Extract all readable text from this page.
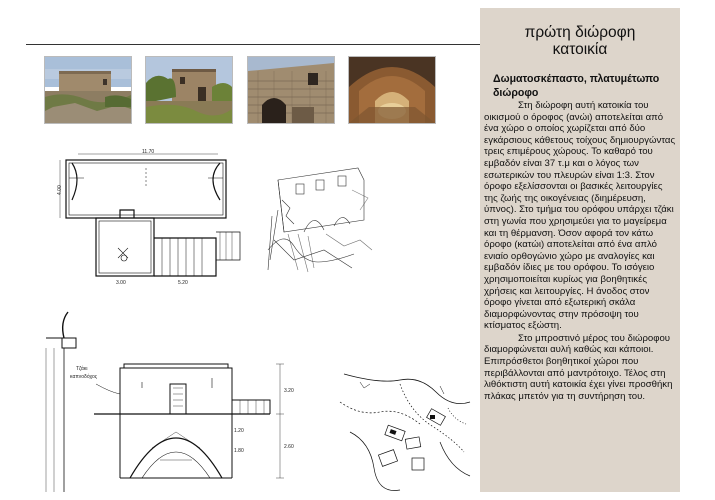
11.70
4.00
3.00	5.20
Τζάκι
καπνοδόχος
3.20
2.60
1.20
1.80
πρώτη διώροφη
κατοικία
Δωματοσκέπαστο, πλατυμέτωπο διώροφο

Στη διώροφη αυτή κατοικία του οικισμού ο όροφος (ανώι) αποτελείται από ένα χώρο ο οποίος χωρίζεται από δύο εγκάρσιους κάθετους τοίχους δημιουργώντας τρεις επιμέρους χώρους. Το καθαρό του εμβαδόν είναι 37 τ.μ και ο λόγος των εσωτερικών του πλευρών είναι 1:3. Στον όροφο εξελίσσονται οι βασικές λειτουργίες της ζωής της οικογένειας (διημέρευση, ύπνος). Στο τμήμα του ορόφου υπάρχει τζάκι στη γωνία που χρησιμεύει για το μαγείρεμα και τη θέρμανση. Όσον αφορά τον κάτω όροφο (κατώι) αποτελείται από ένα απλό ενιαίο ορθογώνιο χώρο με αναλογίες και εμβαδόν ίδιες με του ορόφου. Το ισόγειο χρησιμοποιείται κυρίως για βοηθητικές χρήσεις και λειτουργίες. Η άνοδος στον όροφο γίνεται από εξωτερική σκάλα διαμορφώνοντας στην πρόσοψη του κτίσματος εξώστη.

Στο μπροστινό μέρος του διώροφου διαμορφώνεται αυλή καθώς και κάποιοι. Επιπρόσθετοι βοηθητικοί χώροι που περιβάλλονται από μαντρότοιχο. Τέλος στη λιθόκτιστη αυτή κατοικία έχει γίνει προσθήκη πλάκας μπετόν για τη συντήρηση του.
